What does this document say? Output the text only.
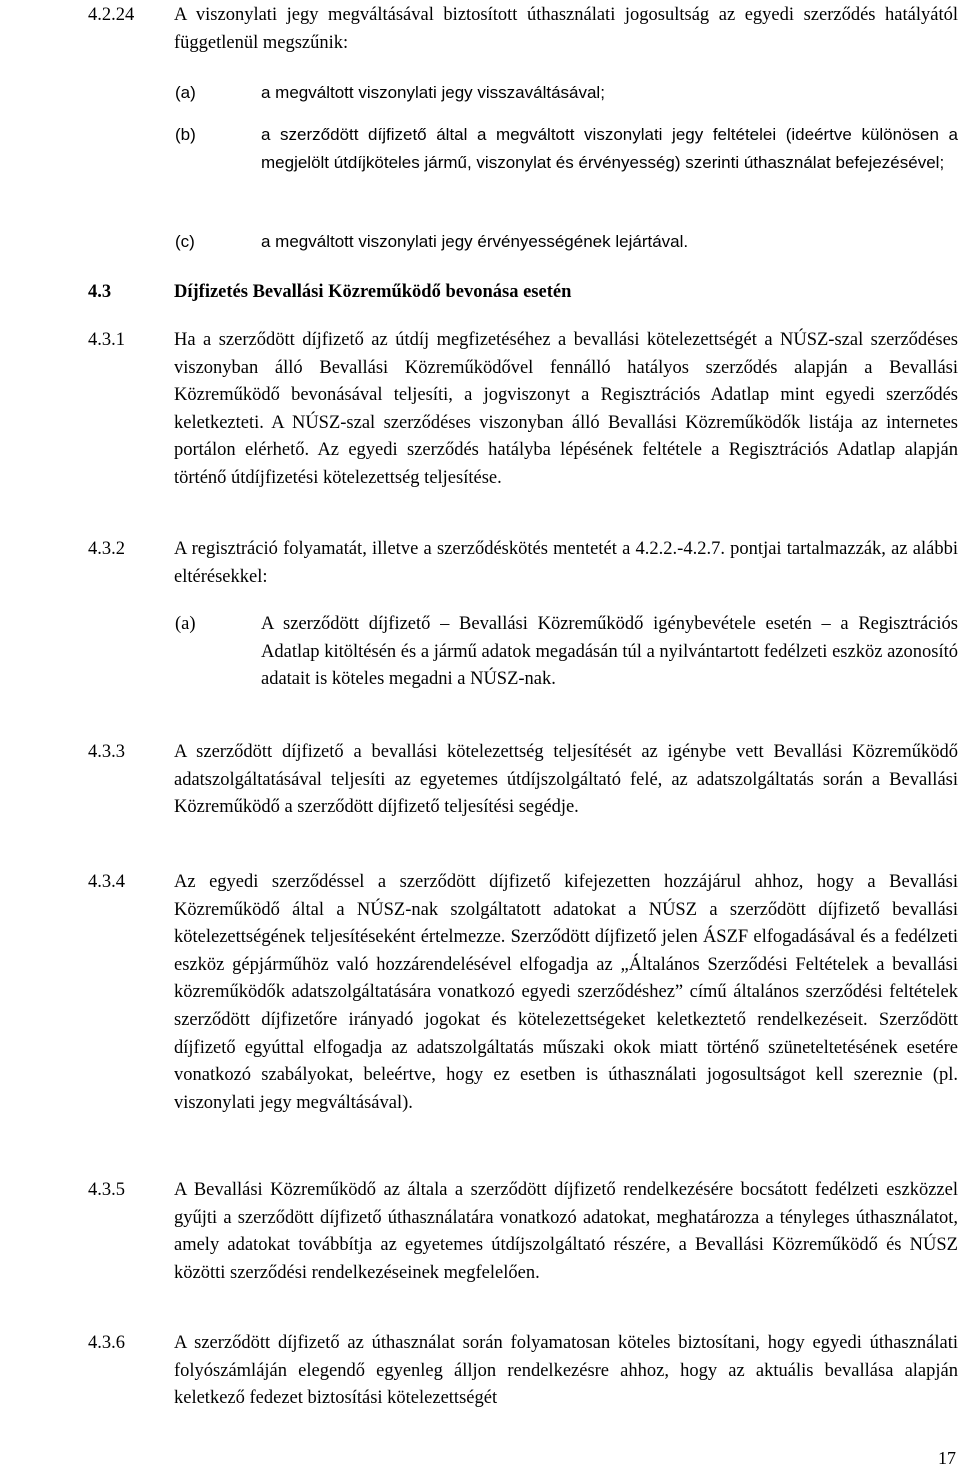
4.2.24 A viszonylati jegy megváltásával biztosított úthasználati jogosultság az egyedi szerződés hatályától függetlenül megszűnik:
(a)	a megváltott viszonylati jegy visszaváltásával;
(b)	a szerződött díjfizető által a megváltott viszonylati jegy feltételei (ideértve különösen a megjelölt útdíjköteles jármű, viszonylat és érvényesség) szerinti úthasználat befejezésével;
(c)	a megváltott viszonylati jegy érvényességének lejártával.
4.3	Díjfizetés Bevallási Közreműködő bevonása esetén
4.3.1	Ha a szerződött díjfizető az útdíj megfizetéséhez a bevallási kötelezettségét a NÚSZ-szal szerződéses viszonyban álló Bevallási Közreműködővel fennálló hatályos szerződés alapján a Bevallási Közreműködő bevonásával teljesíti, a jogviszonyt a Regisztrációs Adatlap mint egyedi szerződés keletkezteti. A NÚSZ-szal szerződéses viszonyban álló Bevallási Közreműködők listája az internetes portálon elérhető. Az egyedi szerződés hatályba lépésének feltétele a Regisztrációs Adatlap alapján történő útdíjfizetési kötelezettség teljesítése.
4.3.2	A regisztráció folyamatát, illetve a szerződéskötés mentetét a 4.2.2.-4.2.7. pontjai tartalmazzák, az alábbi eltérésekkel:
(a)	A szerződött díjfizető – Bevallási Közreműködő igénybevétele esetén – a Regisztrációs Adatlap kitöltésén és a jármű adatok megadásán túl a nyilvántartott fedélzeti eszköz azonosító adatait is köteles megadni a NÚSZ-nak.
4.3.3	A szerződött díjfizető a bevallási kötelezettség teljesítését az igénybe vett Bevallási Közreműködő adatszolgáltatásával teljesíti az egyetemes útdíjszolgáltató felé, az adatszolgáltatás során a Bevallási Közreműködő a szerződött díjfizető teljesítési segédje.
4.3.4	Az egyedi szerződéssel a szerződött díjfizető kifejezetten hozzájárul ahhoz, hogy a Bevallási Közreműködő által a NÚSZ-nak szolgáltatott adatokat a NÚSZ a szerződött díjfizető bevallási kötelezettségének teljesítéseként értelmezze. Szerződött díjfizető jelen ÁSZF elfogadásával és a fedélzeti eszköz gépjárműhöz való hozzárendelésével elfogadja az „Általános Szerződési Feltételek a bevallási közreműködők adatszolgáltatására vonatkozó egyedi szerződéshez” című általános szerződési feltételek szerződött díjfizetőre irányadó jogokat és kötelezettségeket keletkeztető rendelkezéseit. Szerződött díjfizető egyúttal elfogadja az adatszolgáltatás műszaki okok miatt történő szüneteltetésének esetére vonatkozó szabályokat, beleértve, hogy ez esetben is úthasználati jogosultságot kell szereznie (pl. viszonylati jegy megváltásával).
4.3.5	A Bevallási Közreműködő az általa a szerződött díjfizető rendelkezésére bocsátott fedélzeti eszközzel gyűjti a szerződött díjfizető úthasználatára vonatkozó adatokat, meghatározza a tényleges úthasználatot, amely adatokat továbbítja az egyetemes útdíjszolgáltató részére, a Bevallási Közreműködő és NÚSZ közötti szerződési rendelkezéseinek megfelelően.
4.3.6	A szerződött díjfizető az úthasználat során folyamatosan köteles biztosítani, hogy egyedi úthasználati folyószámláján elegendő egyenleg álljon rendelkezésre ahhoz, hogy az aktuális bevallása alapján keletkező fedezet biztosítási kötelezettségét
17
